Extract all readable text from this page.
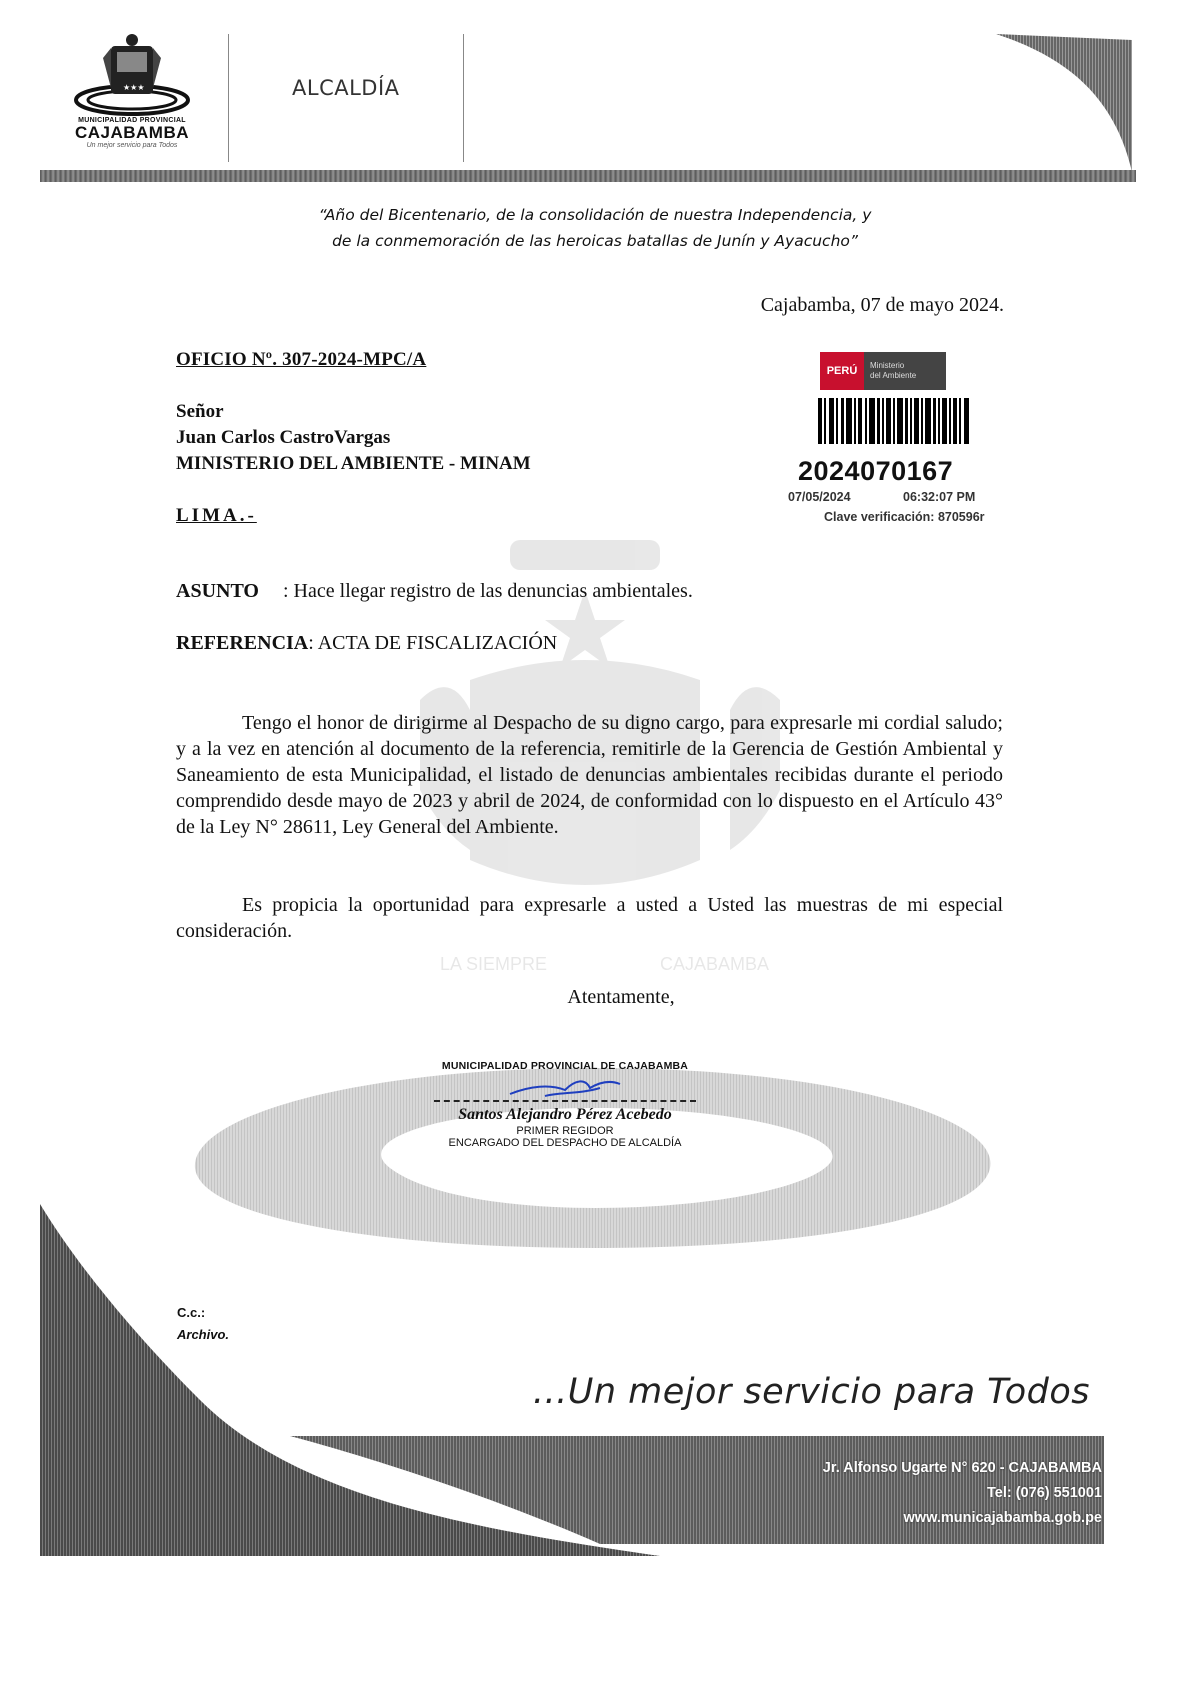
★★★
MUNICIPALIDAD PROVINCIAL
CAJABAMBA
Un mejor servicio para Todos
ALCALDÍA
“Año del Bicentenario, de la consolidación de nuestra Independencia, y
de la conmemoración de las heroicas batallas de Junín y Ayacucho”
LA SIEMPRE	CAJABAMBA
Cajabamba, 07 de mayo 2024.
OFICIO Nº. 307-2024-MPC/A
Señor
Juan Carlos CastroVargas
MINISTERIO DEL AMBIENTE - MINAM
LIMA.-
PERÚ	Ministerio
del Ambiente
2024070167
07/05/2024	06:32:07 PM
Clave verificación: 870596r
ASUNTO : Hace llegar registro de las denuncias ambientales.
REFERENCIA: ACTA DE FISCALIZACIÓN
Tengo el honor de dirigirme al Despacho de su digno cargo, para expresarle mi cordial saludo; y a la vez en atención al documento de la referencia, remitirle de la Gerencia de Gestión Ambiental y Saneamiento de esta Municipalidad, el listado de denuncias ambientales recibidas durante el periodo comprendido desde mayo de 2023 y abril de 2024, de conformidad con lo dispuesto en el Artículo 43° de la Ley N° 28611, Ley General del Ambiente.
Es propicia la oportunidad para expresarle a usted a Usted las muestras de mi especial consideración.
Atentamente,
MUNICIPALIDAD PROVINCIAL DE CAJABAMBA
Santos Alejandro Pérez Acebedo
PRIMER REGIDOR
ENCARGADO DEL DESPACHO DE ALCALDÍA
C.c.:
Archivo.
...Un mejor servicio para Todos
Jr. Alfonso Ugarte N° 620 - CAJABAMBA
Tel: (076) 551001
www.municajabamba.gob.pe
